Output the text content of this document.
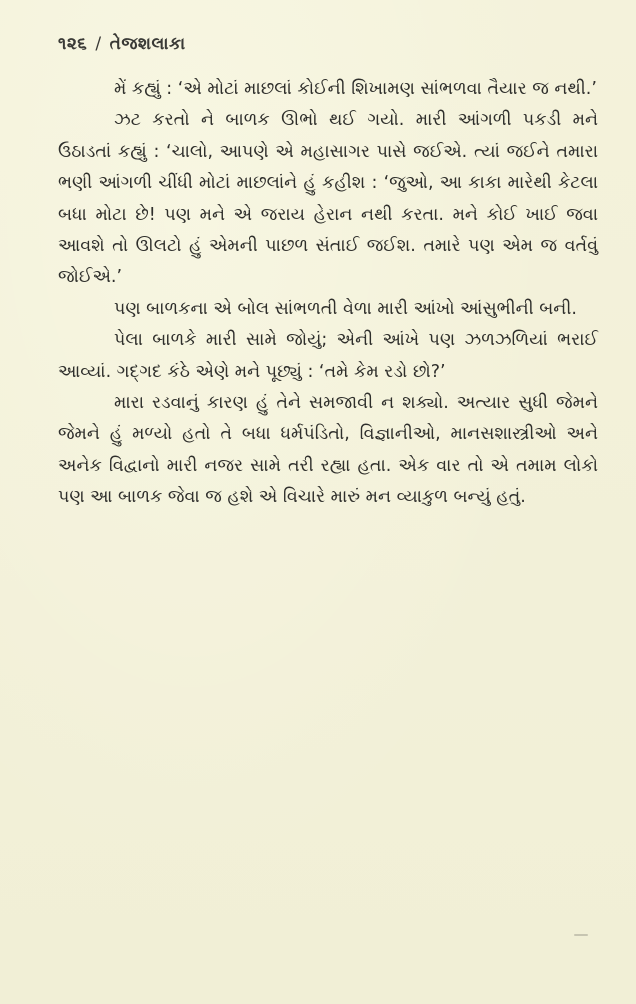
૧૨૬ / તેજશલાકા

મેં કહ્યું : ‘એ મોટાં માછલાં કોઈની શિખામણ સાંભળવા તૈયાર જ નથી.’

ઝટ કરતો ને બાળક ઊભો થઈ ગયો. મારી આંગળી પકડી મને ઉઠાડતાં કહ્યું : ‘ચાલો, આપણે એ મહાસાગર પાસે જઈએ. ત્યાં જઈને તમારા ભણી આંગળી ચીંધી મોટાં માછલાંને હું કહીશ : ‘જુઓ, આ કાકા મારેથી કેટલા બધા મોટા છે! પણ મને એ જરાય હેરાન નથી કરતા. મને કોઈ ખાઈ જવા આવશે તો ઊલટો હું એમની પાછળ સંતાઈ જઈશ. તમારે પણ એમ જ વર્તવું જોઈએ.’

પણ બાળકના એ બોલ સાંભળતી વેળા મારી આંખો આંસુભીની બની.

પેલા બાળકે મારી સામે જોયું; એની આંખે પણ ઝળઝળિયાં ભરાઈ આવ્યાં. ગદ્‌ગદ કંઠે એણે મને પૂછ્યું : ‘તમે કેમ રડો છો?’

મારા રડવાનું કારણ હું તેને સમજાવી ન શક્યો. અત્યાર સુધી જેમને જેમને હું મળ્યો હતો તે બધા ધર્મપંડિતો, વિજ્ઞાનીઓ, માનસશાસ્ત્રીઓ અને અનેક વિદ્વાનો મારી નજર સામે તરી રહ્યા હતા. એક વાર તો એ તમામ લોકો પણ આ બાળક જેવા જ હશે એ વિચારે મારું મન વ્યાકુળ બન્યું હતું.
